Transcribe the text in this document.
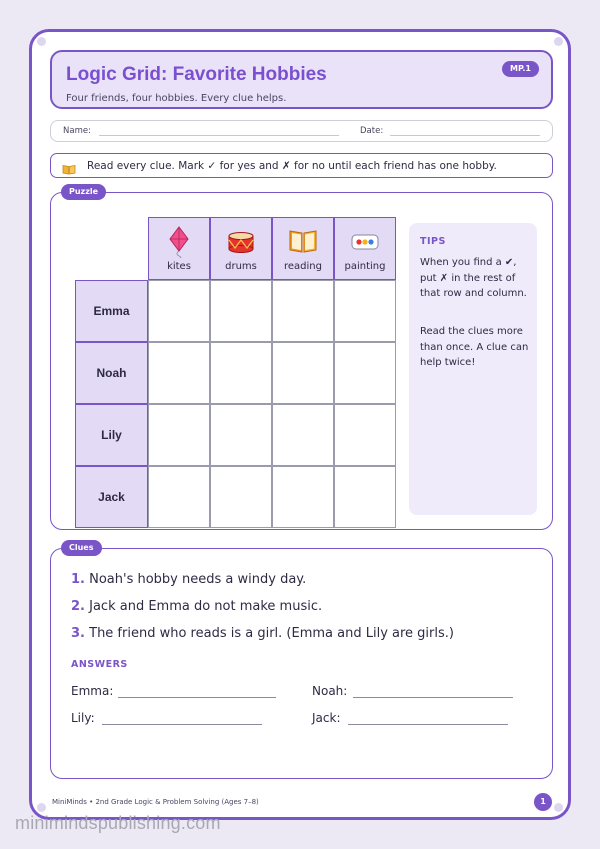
Logic Grid: Favorite Hobbies
Four friends, four hobbies. Every clue helps.
MP.1
Name:	Date:
Read every clue. Mark ✓ for yes and ✗ for no until each friend has one hobby.
Puzzle
kites	drums	reading	painting
Emma
Noah
Lily
Jack
TIPS

When you find a ✔, put ✗ in the rest of that row and column.

Read the clues more than once. A clue can help twice!

Clues
1. Noah's hobby needs a windy day.
2. Jack and Emma do not make music.
3. The friend who reads is a girl. (Emma and Lily are girls.)
ANSWERS
Emma:	Noah:
Lily:	Jack:
MiniMinds • 2nd Grade Logic & Problem Solving (Ages 7–8)	1
minimindspublishing.com
